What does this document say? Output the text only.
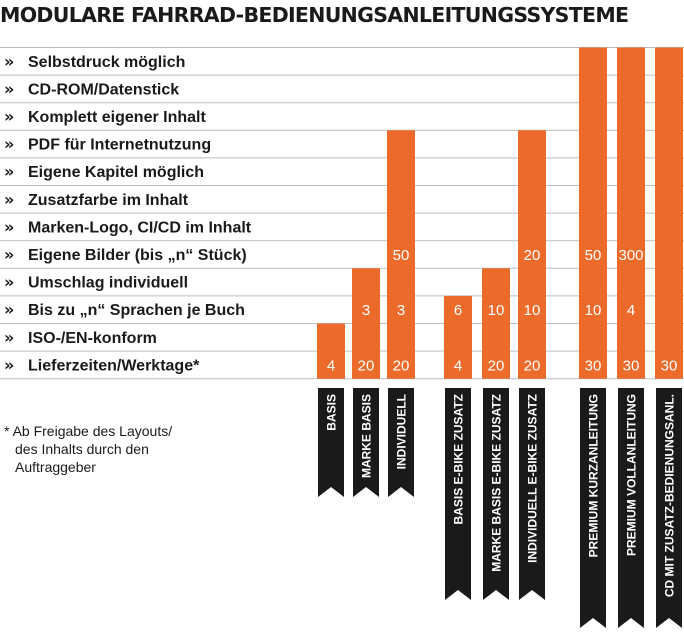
MODULARE FAHRRAD-BEDIENUNGSANLEITUNGSSYSTEME
» Selbstdruck möglich
» CD-ROM/Datenstick
» Komplett eigener Inhalt
» PDF für Internetnutzung
» Eigene Kapitel möglich
» Zusatzfarbe im Inhalt
» Marken-Logo, CI/CD im Inhalt
» Eigene Bilder (bis „n“ Stück)
» Umschlag individuell
» Bis zu „n“ Sprachen je Buch
» ISO-/EN-konform
» Lieferzeiten/Werktage*	4
BASIS
20
3
MARKE BASIS
20
3
50
INDIVIDUELL
4
6
BASIS E-BIKE ZUSATZ
20
10
MARKE BASIS E-BIKE ZUSATZ
20
10
20
INDIVIDUELL E-BIKE ZUSATZ
30
10
50
PREMIUM KURZANLEITUNG
30
4
300
PREMIUM VOLLANLEITUNG
30
CD MIT ZUSATZ-BEDIENUNGSANL.
* Ab Freigabe des Layouts/
des Inhalts durch den
Auftraggeber
